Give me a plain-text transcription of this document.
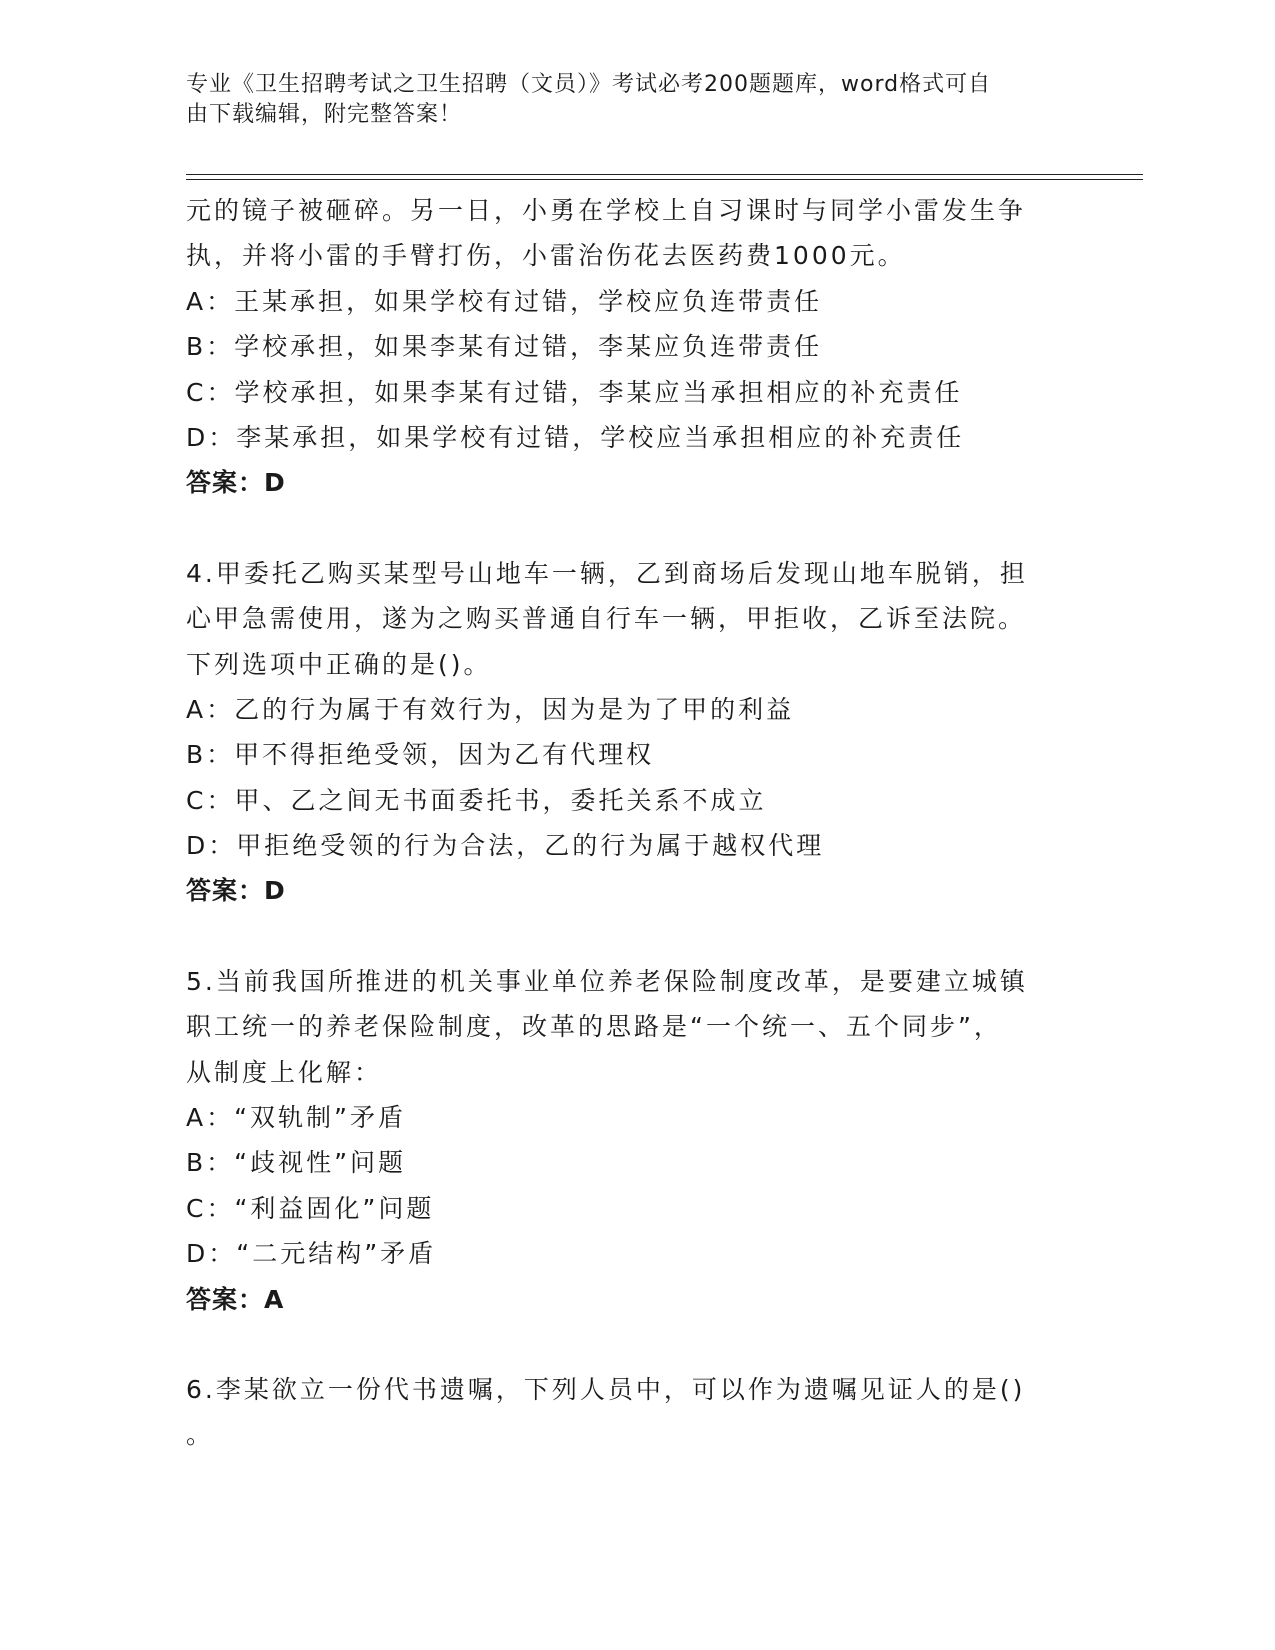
专业《卫生招聘考试之卫生招聘（文员）》考试必考200题题库，word格式可自
由下载编辑，附完整答案！
元的镜子被砸碎。另一日，小勇在学校上自习课时与同学小雷发生争
执，并将小雷的手臂打伤，小雷治伤花去医药费1000元。
A：王某承担，如果学校有过错，学校应负连带责任
B：学校承担，如果李某有过错，李某应负连带责任
C：学校承担，如果李某有过错，李某应当承担相应的补充责任
D：李某承担，如果学校有过错，学校应当承担相应的补充责任
答案：D
4.甲委托乙购买某型号山地车一辆，乙到商场后发现山地车脱销，担
心甲急需使用，遂为之购买普通自行车一辆，甲拒收，乙诉至法院。
下列选项中正确的是()。
A：乙的行为属于有效行为，因为是为了甲的利益
B：甲不得拒绝受领，因为乙有代理权
C：甲、乙之间无书面委托书，委托关系不成立
D：甲拒绝受领的行为合法，乙的行为属于越权代理
答案：D
5.当前我国所推进的机关事业单位养老保险制度改革，是要建立城镇
职工统一的养老保险制度，改革的思路是“一个统一、五个同步”，
从制度上化解：
A：“双轨制”矛盾
B：“歧视性”问题
C：“利益固化”问题
D：“二元结构”矛盾
答案：A
6.李某欲立一份代书遗嘱，下列人员中，可以作为遗嘱见证人的是()
。
